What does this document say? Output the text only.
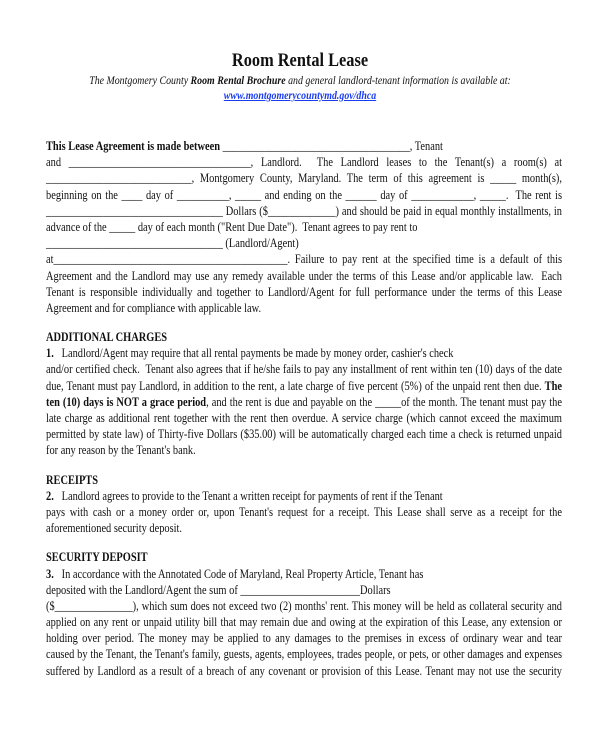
Room Rental Lease
The Montgomery County Room Rental Brochure and general landlord-tenant information is available at:
www.montgomerycountymd.gov/dhca
This Lease Agreement is made between ____________________________________, Tenant
and ___________________________________, Landlord.  The Landlord leases to the Tenant(s) a room(s) at
____________________________, Montgomery County, Maryland. The term of this agreement is _____ month(s),
beginning on the ____ day of __________, _____ and ending on the ______ day of ____________, _____.  The rent is
__________________________________ Dollars ($_____________) and should be paid in equal monthly installments, in
advance of the _____ day of each month ("Rent Due Date").  Tenant agrees to pay rent to
__________________________________ (Landlord/Agent)
at_____________________________________________. Failure to pay rent at the specified time is a default of this
Agreement and the Landlord may use any remedy available under the terms of this Lease and/or applicable law.  Each
Tenant is responsible individually and together to Landlord/Agent for full performance under the terms of this Lease
Agreement and for compliance with applicable law.
ADDITIONAL CHARGES
1.   Landlord/Agent may require that all rental payments be made by money order, cashier's check
and/or certified check.  Tenant also agrees that if he/she fails to pay any installment of rent within ten (10) days of the date
due, Tenant must pay Landlord, in addition to the rent, a late charge of five percent (5%) of the unpaid rent then due. The
ten (10) days is NOT a grace period, and the rent is due and payable on the _____of the month. The tenant must pay the
late charge as additional rent together with the rent then overdue. A service charge (which cannot exceed the maximum
permitted by state law) of Thirty-five Dollars ($35.00) will be automatically charged each time a check is returned unpaid
for any reason by the Tenant's bank.
RECEIPTS
2.   Landlord agrees to provide to the Tenant a written receipt for payments of rent if the Tenant
pays with cash or a money order or, upon Tenant's request for a receipt. This Lease shall serve as a receipt for the
aforementioned security deposit.
SECURITY DEPOSIT
3.   In accordance with the Annotated Code of Maryland, Real Property Article, Tenant has
deposited with the Landlord/Agent the sum of _______________________Dollars
($_______________), which sum does not exceed two (2) months' rent. This money will be held as collateral security and
applied on any rent or unpaid utility bill that may remain due and owing at the expiration of this Lease, any extension or
holding over period. The money may be applied to any damages to the premises in excess of ordinary wear and tear
caused by the Tenant, the Tenant's family, guests, agents, employees, trades people, or pets, or other damages and expenses
suffered by Landlord as a result of a breach of any covenant or provision of this Lease. Tenant may not use the security
